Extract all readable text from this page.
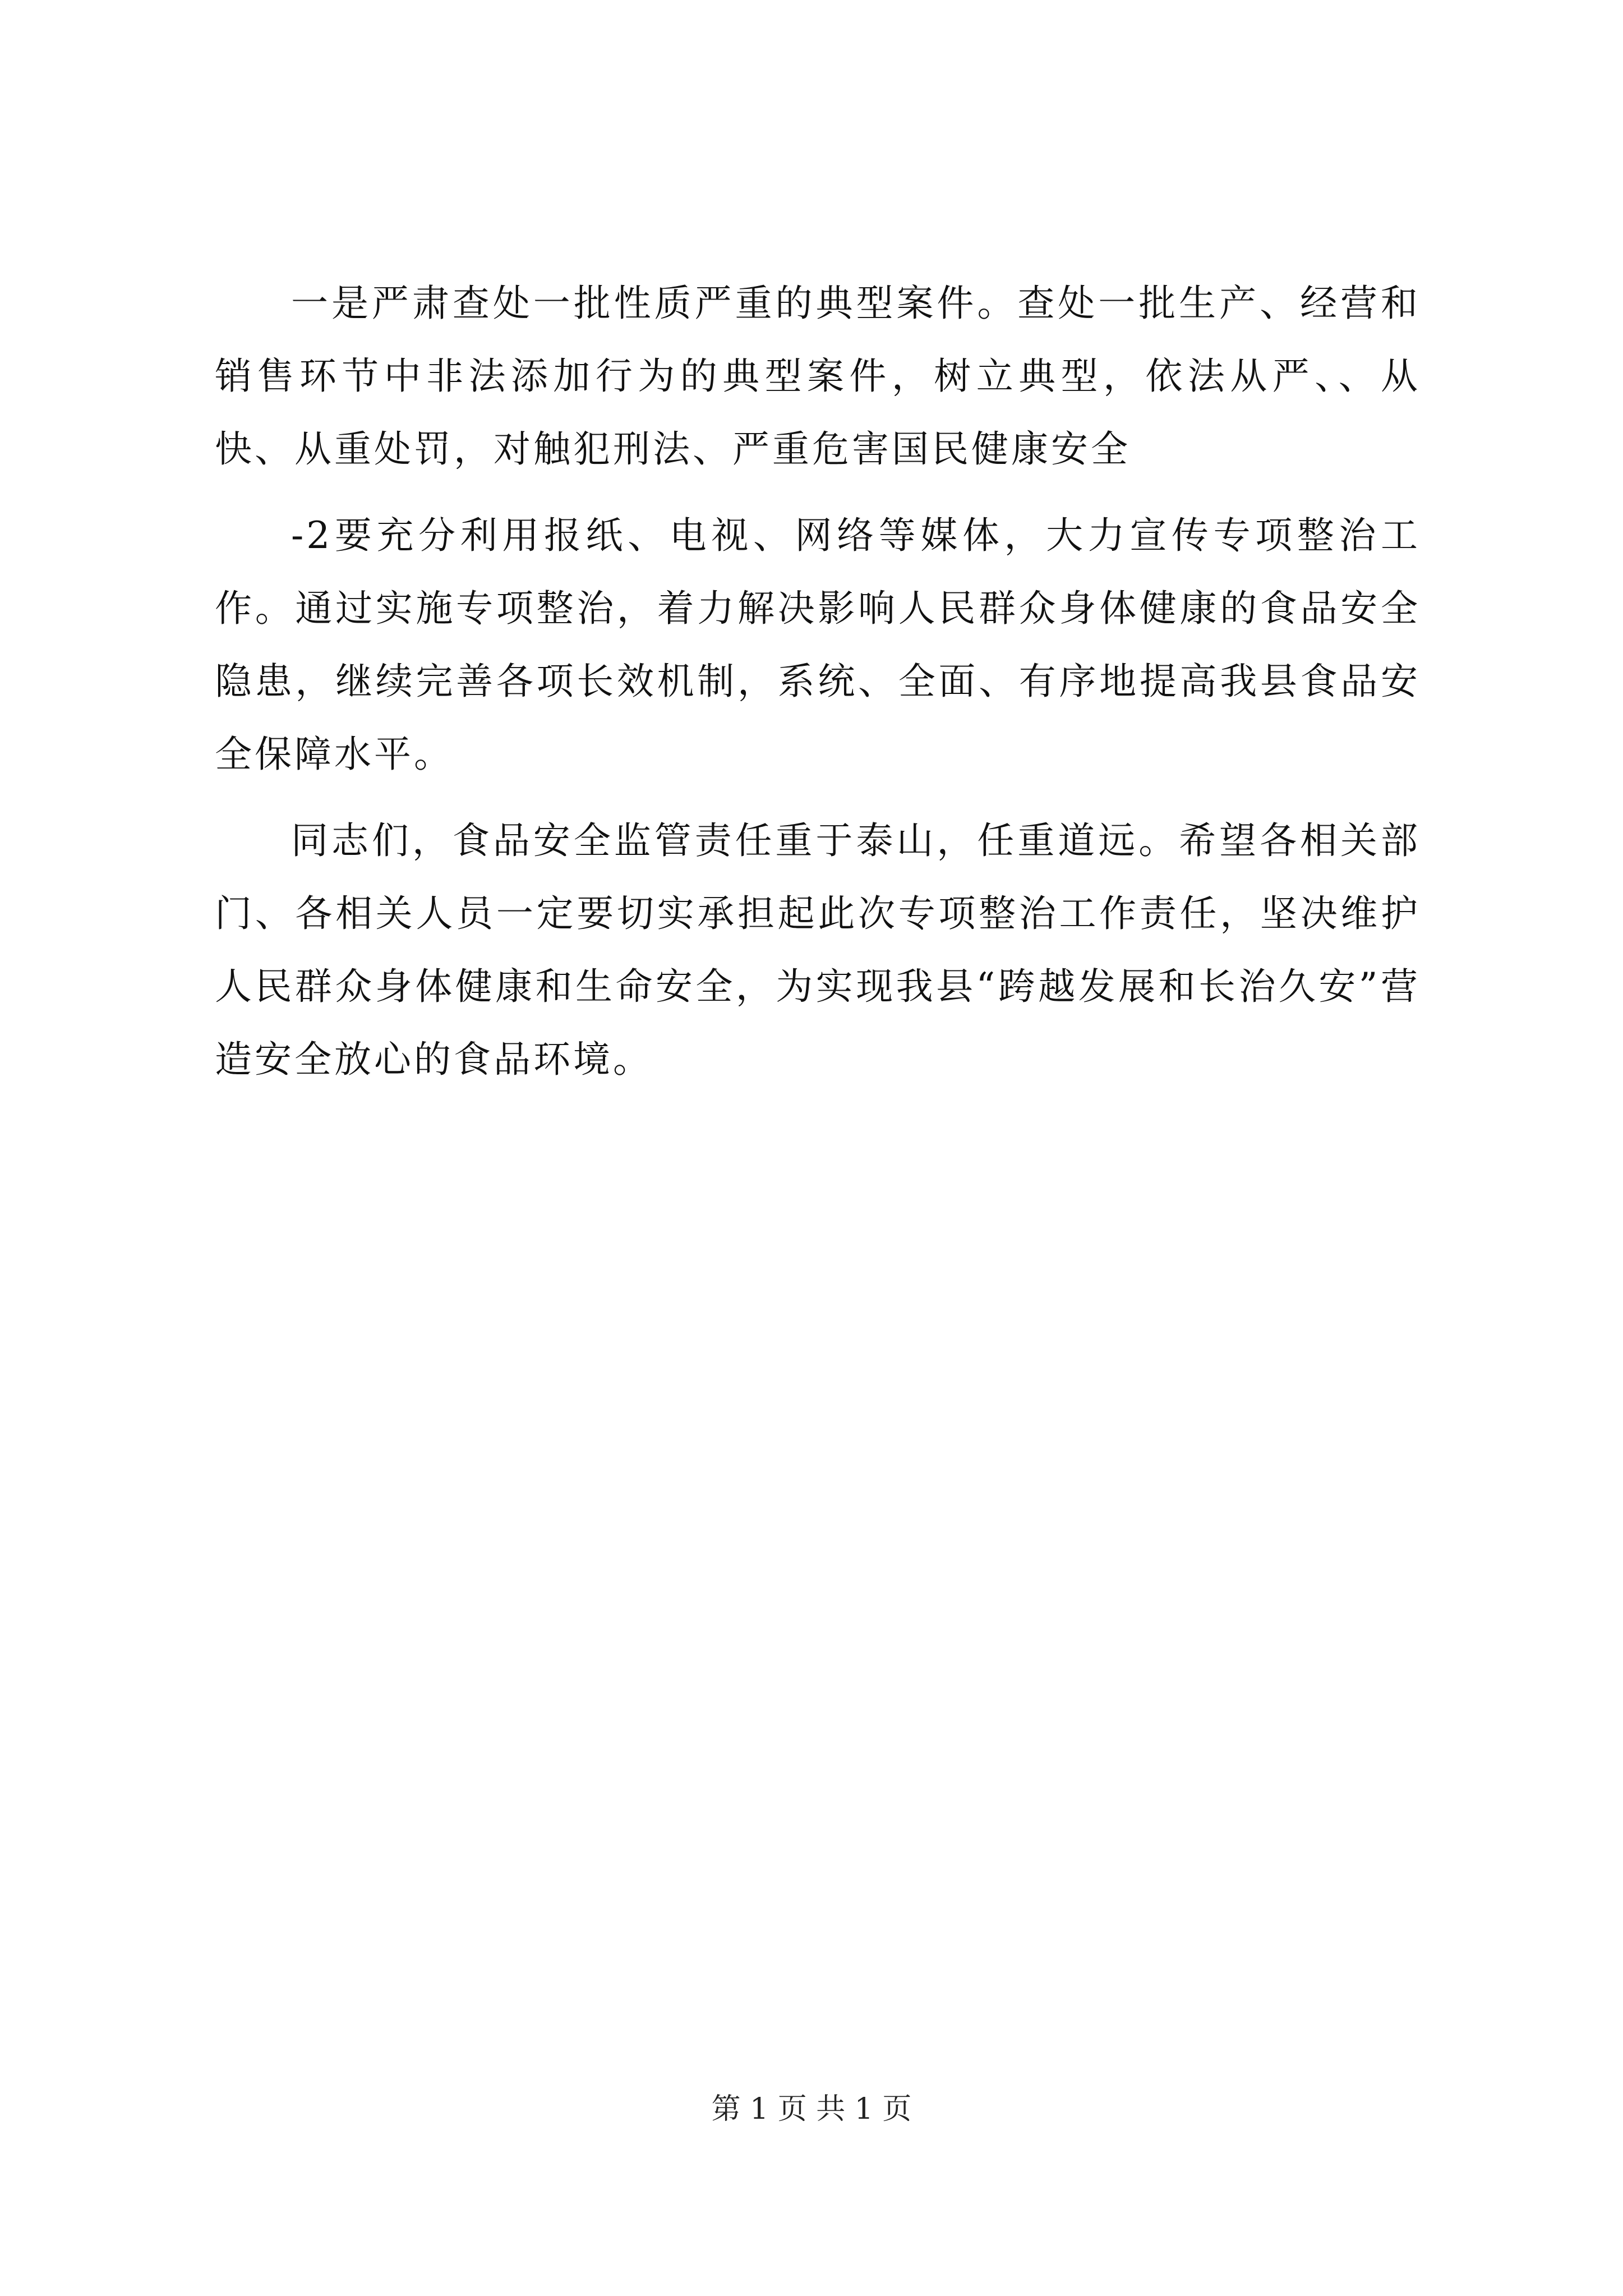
一是严肃查处一批性质严重的典型案件。查处一批生产、经营和销售环节中非法添加行为的典型案件，树立典型，依法从严、、从快、从重处罚，对触犯刑法、严重危害国民健康安全

-2要充分利用报纸、电视、网络等媒体，大力宣传专项整治工作。通过实施专项整治，着力解决影响人民群众身体健康的食品安全隐患，继续完善各项长效机制，系统、全面、有序地提高我县食品安全保障水平。

同志们，食品安全监管责任重于泰山，任重道远。希望各相关部门、各相关人员一定要切实承担起此次专项整治工作责任，坚决维护人民群众身体健康和生命安全，为实现我县“跨越发展和长治久安”营造安全放心的食品环境。

第 1 页 共 1 页
